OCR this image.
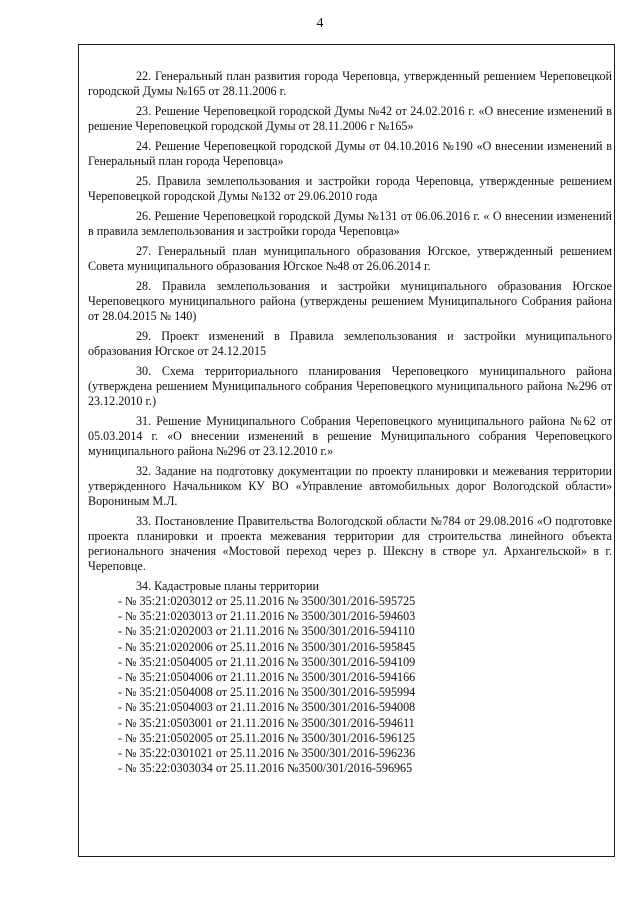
4

22. Генеральный план развития города Череповца, утвержденный решением Череповецкой городской Думы №165 от 28.11.2006 г.

23. Решение Череповецкой городской Думы №42 от 24.02.2016 г. «О внесение изменений в решение Череповецкой городской Думы от 28.11.2006 г №165»

24. Решение Череповецкой городской Думы от 04.10.2016 №190 «О внесении изменений в Генеральный план города Череповца»

25. Правила землепользования и застройки города Череповца, утвержденные решением Череповецкой городской Думы №132 от 29.06.2010 года

26. Решение Череповецкой городской Думы №131 от 06.06.2016 г. « О внесении изменений в правила землепользования и застройки города Череповца»

27. Генеральный план муниципального образования Югское, утвержденный решением Совета муниципального образования Югское №48 от 26.06.2014 г.

28. Правила землепользования и застройки муниципального образования Югское Череповецкого муниципального района (утверждены решением Муниципального Собрания района от 28.04.2015 № 140)

29. Проект изменений в Правила землепользования и застройки муниципального образования Югское от 24.12.2015

30. Схема территориального планирования Череповецкого муниципального района (утверждена решением Муниципального собрания Череповецкого муниципального района №296 от 23.12.2010 г.)

31. Решение Муниципального Собрания Череповецкого муниципального района №62 от 05.03.2014 г. «О внесении изменений в решение Муниципального собрания Череповецкого муниципального района №296 от 23.12.2010 г.»

32. Задание на подготовку документации по проекту планировки и межевания территории утвержденного Начальником КУ ВО «Управление автомобильных дорог Вологодской области» Ворониным М.Л.

33. Постановление Правительства Вологодской области №784 от 29.08.2016 «О подготовке проекта планировки и проекта межевания территории для строительства линейного объекта регионального значения «Мостовой переход через р. Шексну в створе ул. Архангельской» в г. Череповце.

34. Кадастровые планы территории
- № 35:21:0203012 от 25.11.2016 № 3500/301/2016-595725
- № 35:21:0203013 от 21.11.2016 № 3500/301/2016-594603
- № 35:21:0202003 от 21.11.2016 № 3500/301/2016-594110
- № 35:21:0202006 от 25.11.2016 № 3500/301/2016-595845
- № 35:21:0504005 от 21.11.2016 № 3500/301/2016-594109
- № 35:21:0504006 от 21.11.2016 № 3500/301/2016-594166
- № 35:21:0504008 от 25.11.2016 № 3500/301/2016-595994
- № 35:21:0504003 от 21.11.2016 № 3500/301/2016-594008
- № 35:21:0503001 от 21.11.2016 № 3500/301/2016-594611
- № 35:21:0502005 от 25.11.2016 № 3500/301/2016-596125
- № 35:22:0301021 от 25.11.2016 № 3500/301/2016-596236
- № 35:22:0303034 от 25.11.2016 №3500/301/2016-596965
